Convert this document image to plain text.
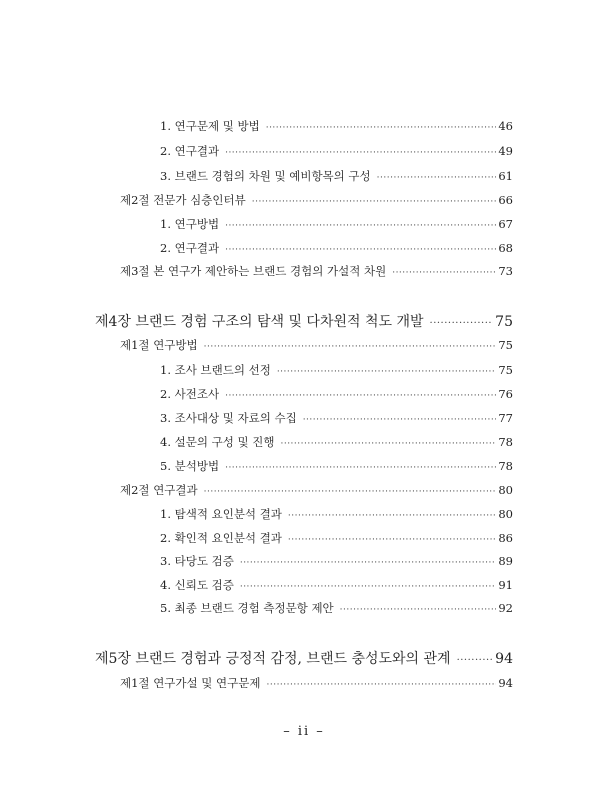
1. 연구문제 및 방법 ·····	46
2. 연구결과 ·····	49
3. 브랜드 경험의 차원 및 예비항목의 구성 ·····	61
제2절 전문가 심층인터뷰 ·····	66
1. 연구방법 ·····	67
2. 연구결과 ·····	68
제3절 본 연구가 제안하는 브랜드 경험의 가설적 차원 ·····	73
제4장 브랜드 경험 구조의 탐색 및 다차원적 척도 개발 ·····	75
제1절 연구방법 ·····	75
1. 조사 브랜드의 선정 ·····	75
2. 사전조사 ·····	76
3. 조사대상 및 자료의 수집 ·····	77
4. 설문의 구성 및 진행 ·····	78
5. 분석방법 ·····	78
제2절 연구결과 ·····	80
1. 탐색적 요인분석 결과 ·····	80
2. 확인적 요인분석 결과 ·····	86
3. 타당도 검증 ·····	89
4. 신뢰도 검증 ·····	91
5. 최종 브랜드 경험 측정문항 제안 ·····	92
제5장 브랜드 경험과 긍정적 감정, 브랜드 충성도와의 관계 ·····	94
제1절 연구가설 및 연구문제 ·····	94
– ii –
